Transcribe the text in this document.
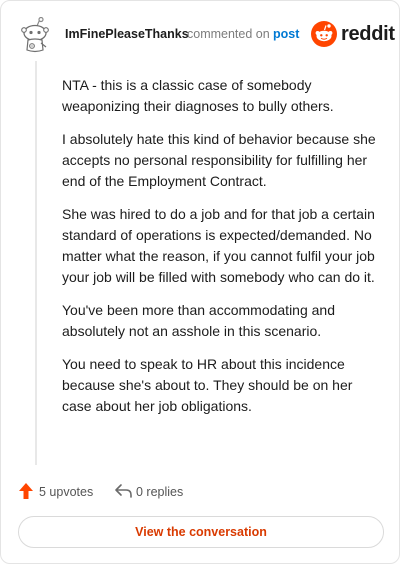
ImFinePleaseThanks
commented on post reddit

NTA - this is a classic case of somebody weaponizing their diagnoses to bully others.

I absolutely hate this kind of behavior because she accepts no personal responsibility for fulfilling her end of the Employment Contract.

She was hired to do a job and for that job a certain standard of operations is expected/demanded. No matter what the reason, if you cannot fulfil your job your job will be filled with somebody who can do it.

You've been more than accommodating and absolutely not an asshole in this scenario.

You need to speak to HR about this incidence because she's about to. They should be on her case about her job obligations.

5 upvotes	0 replies
View the conversation
